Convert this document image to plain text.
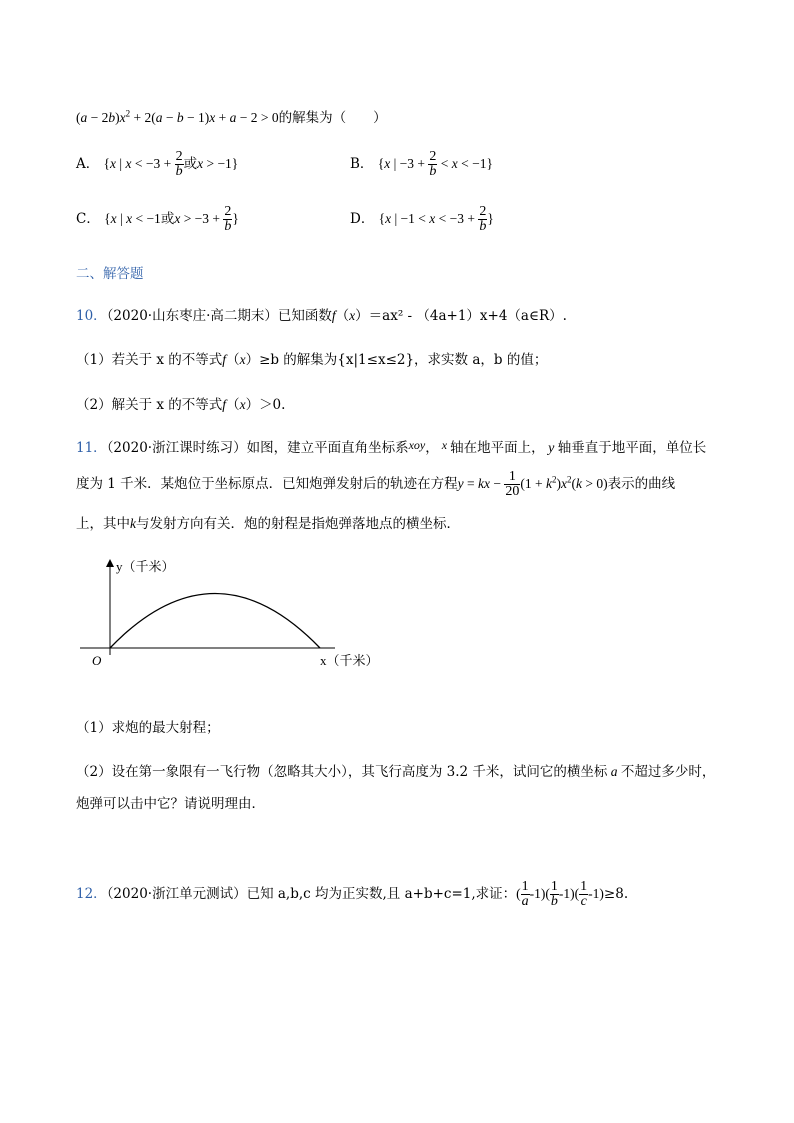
$(a - 2b)x^2 + 2(a - b - 1)x + a - 2 > 0$的解集为（　　）
A． {x | $x < -3 + \frac{2}{b}$ 或x > −1}	B． {x | $-3 + \frac{2}{b} < x < -1$}
C． {x | x < −1或$x > -3 + \frac{2}{b}$ }	D． {x | $-1 < x < -3 + \frac{2}{b}$ }
二、解答题
10．（2020·山东枣庄·高二期末）已知函数f（x）＝ax² - （4a+1）x+4（a∈R）.
（1）若关于 x 的不等式f（x）≥b 的解集为{x|1≤x≤2}，求实数 a，b 的值；
（2）解关于 x 的不等式f（x）＞0.
11．（2020·浙江课时练习）如图，建立平面直角坐标系xoy， x 轴在地平面上， y 轴垂直于地平面，单位长
度为 1 千米．某炮位于坐标原点．已知炮弹发射后的轨迹在方程y = kx − $\frac{1}{20} (1 + k^2)x^2(k > 0)$表示的曲线
上，其中k与发射方向有关．炮的射程是指炮弹落地点的横坐标．
y（千米）
x（千米）
O
（1）求炮的最大射程；
（2）设在第一象限有一飞行物（忽略其大小），其飞行高度为 3.2 千米，试问它的横坐标 a 不超过多少时，
炮弹可以击中它？请说明理由．
12．（2020·浙江单元测试）已知 a,b,c 均为正实数,且 a+b+c=1,求证：( $\frac{1}{a} -1)( \frac{1}{b} -1)( \frac{1}{c} -1)\ge 8$.
